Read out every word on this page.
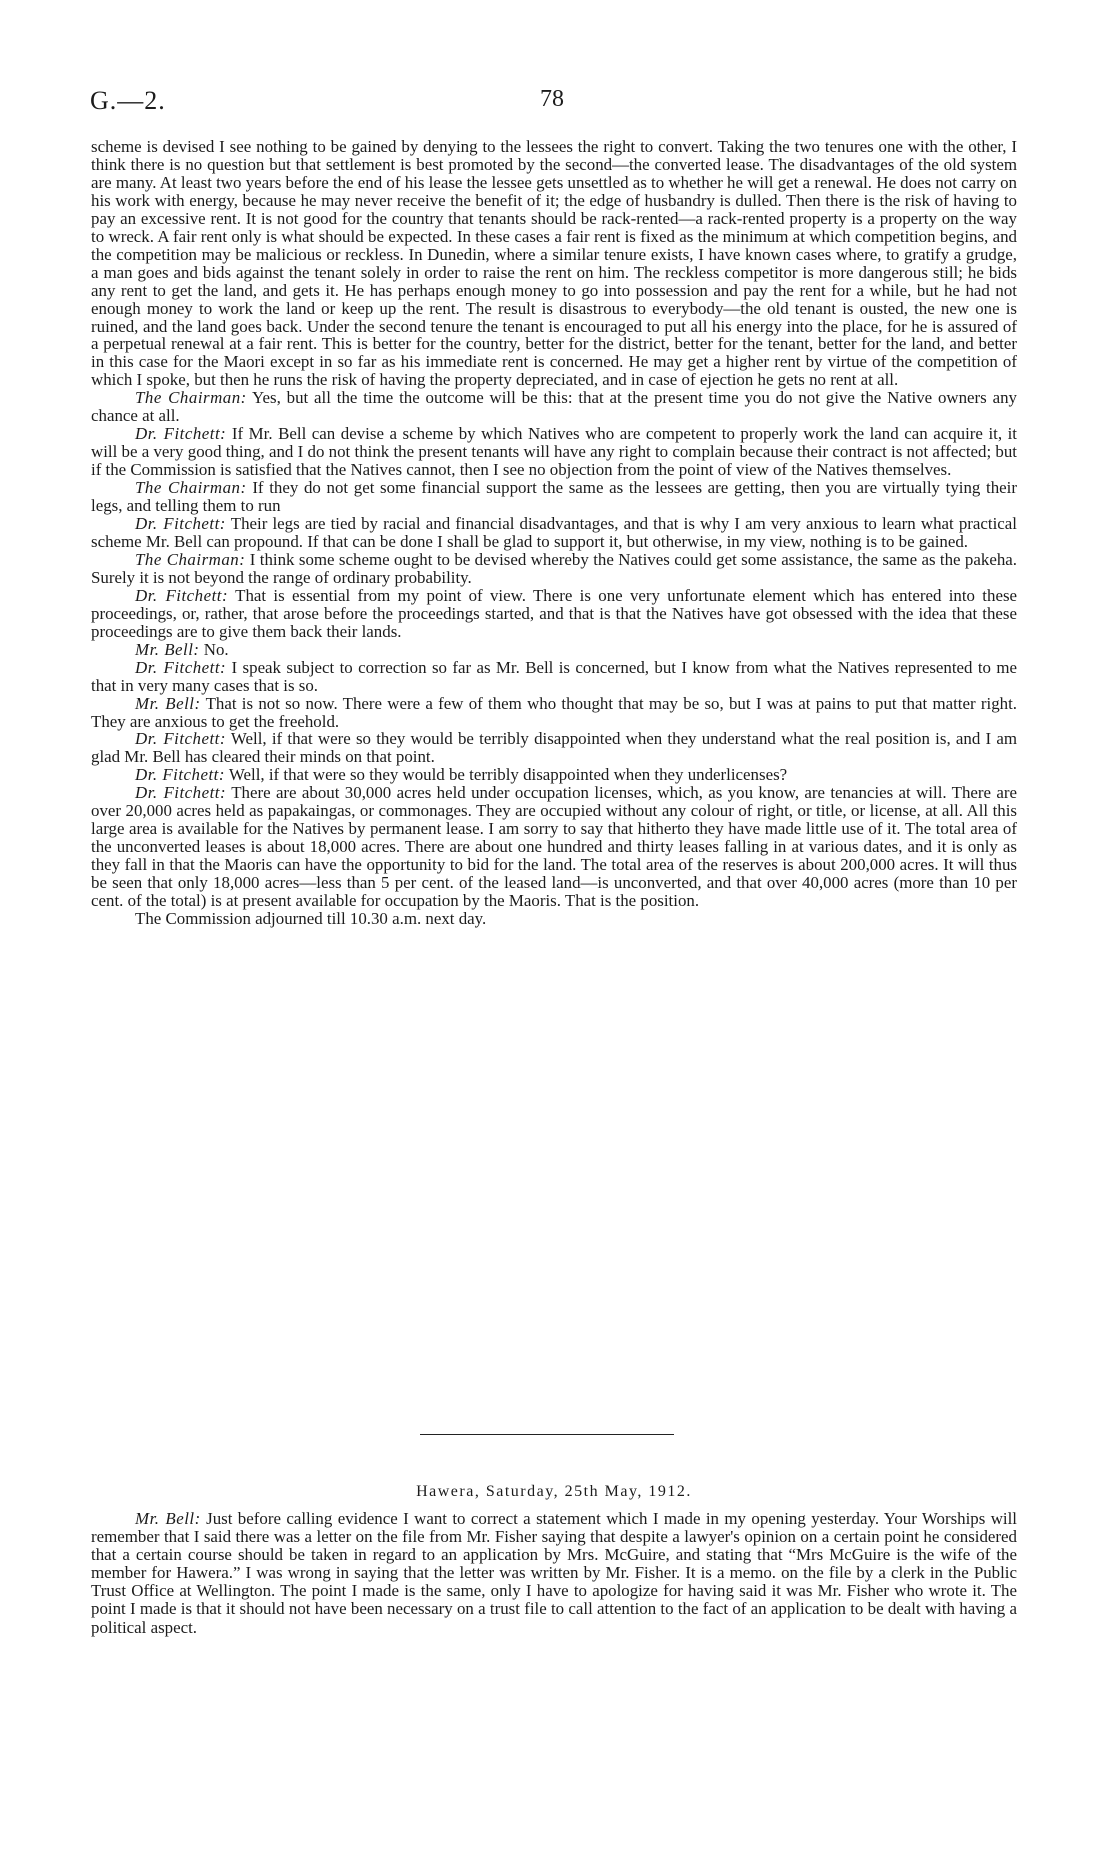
G.—2.	78

scheme is devised I see nothing to be gained by denying to the lessees the right to convert. Taking the two tenures one with the other, I think there is no question but that settlement is best promoted by the second—the converted lease. The disadvantages of the old system are many. At least two years before the end of his lease the lessee gets unsettled as to whether he will get a renewal. He does not carry on his work with energy, because he may never receive the benefit of it; the edge of husbandry is dulled. Then there is the risk of having to pay an excessive rent. It is not good for the country that tenants should be rack-rented—a rack-rented property is a property on the way to wreck. A fair rent only is what should be expected. In these cases a fair rent is fixed as the minimum at which competition begins, and the competition may be malicious or reckless. In Dunedin, where a similar tenure exists, I have known cases where, to gratify a grudge, a man goes and bids against the tenant solely in order to raise the rent on him. The reckless competitor is more dangerous still; he bids any rent to get the land, and gets it. He has perhaps enough money to go into possession and pay the rent for a while, but he had not enough money to work the land or keep up the rent. The result is disastrous to everybody—the old tenant is ousted, the new one is ruined, and the land goes back. Under the second tenure the tenant is encouraged to put all his energy into the place, for he is assured of a perpetual renewal at a fair rent. This is better for the country, better for the district, better for the tenant, better for the land, and better in this case for the Maori except in so far as his immediate rent is concerned. He may get a higher rent by virtue of the competition of which I spoke, but then he runs the risk of having the property depreciated, and in case of ejection he gets no rent at all.

The Chairman: Yes, but all the time the outcome will be this: that at the present time you do not give the Native owners any chance at all.

Dr. Fitchett: If Mr. Bell can devise a scheme by which Natives who are competent to properly work the land can acquire it, it will be a very good thing, and I do not think the present tenants will have any right to complain because their contract is not affected; but if the Commission is satisfied that the Natives cannot, then I see no objection from the point of view of the Natives themselves.

The Chairman: If they do not get some financial support the same as the lessees are getting, then you are virtually tying their legs, and telling them to run

Dr. Fitchett: Their legs are tied by racial and financial disadvantages, and that is why I am very anxious to learn what practical scheme Mr. Bell can propound. If that can be done I shall be glad to support it, but otherwise, in my view, nothing is to be gained.

The Chairman: I think some scheme ought to be devised whereby the Natives could get some assistance, the same as the pakeha. Surely it is not beyond the range of ordinary probability.

Dr. Fitchett: That is essential from my point of view. There is one very unfortunate element which has entered into these proceedings, or, rather, that arose before the proceedings started, and that is that the Natives have got obsessed with the idea that these proceedings are to give them back their lands.

Mr. Bell: No.

Dr. Fitchett: I speak subject to correction so far as Mr. Bell is concerned, but I know from what the Natives represented to me that in very many cases that is so.

Mr. Bell: That is not so now. There were a few of them who thought that may be so, but I was at pains to put that matter right. They are anxious to get the freehold.

Dr. Fitchett: Well, if that were so they would be terribly disappointed when they understand what the real position is, and I am glad Mr. Bell has cleared their minds on that point.

Dr. Fitchett: Well, if that were so they would be terribly disappointed when they underlicenses?

Dr. Fitchett: There are about 30,000 acres held under occupation licenses, which, as you know, are tenancies at will. There are over 20,000 acres held as papakaingas, or commonages. They are occupied without any colour of right, or title, or license, at all. All this large area is available for the Natives by permanent lease. I am sorry to say that hitherto they have made little use of it. The total area of the unconverted leases is about 18,000 acres. There are about one hundred and thirty leases falling in at various dates, and it is only as they fall in that the Maoris can have the opportunity to bid for the land. The total area of the reserves is about 200,000 acres. It will thus be seen that only 18,000 acres—less than 5 per cent. of the leased land—is unconverted, and that over 40,000 acres (more than 10 per cent. of the total) is at present available for occupation by the Maoris. That is the position.

The Commission adjourned till 10.30 a.m. next day.

Hawera, Saturday, 25th May, 1912.

Mr. Bell: Just before calling evidence I want to correct a statement which I made in my opening yesterday. Your Worships will remember that I said there was a letter on the file from Mr. Fisher saying that despite a lawyer's opinion on a certain point he considered that a certain course should be taken in regard to an application by Mrs. McGuire, and stating that “Mrs McGuire is the wife of the member for Hawera.” I was wrong in saying that the letter was written by Mr. Fisher. It is a memo. on the file by a clerk in the Public Trust Office at Wellington. The point I made is the same, only I have to apologize for having said it was Mr. Fisher who wrote it. The point I made is that it should not have been necessary on a trust file to call attention to the fact of an application to be dealt with having a political aspect.
